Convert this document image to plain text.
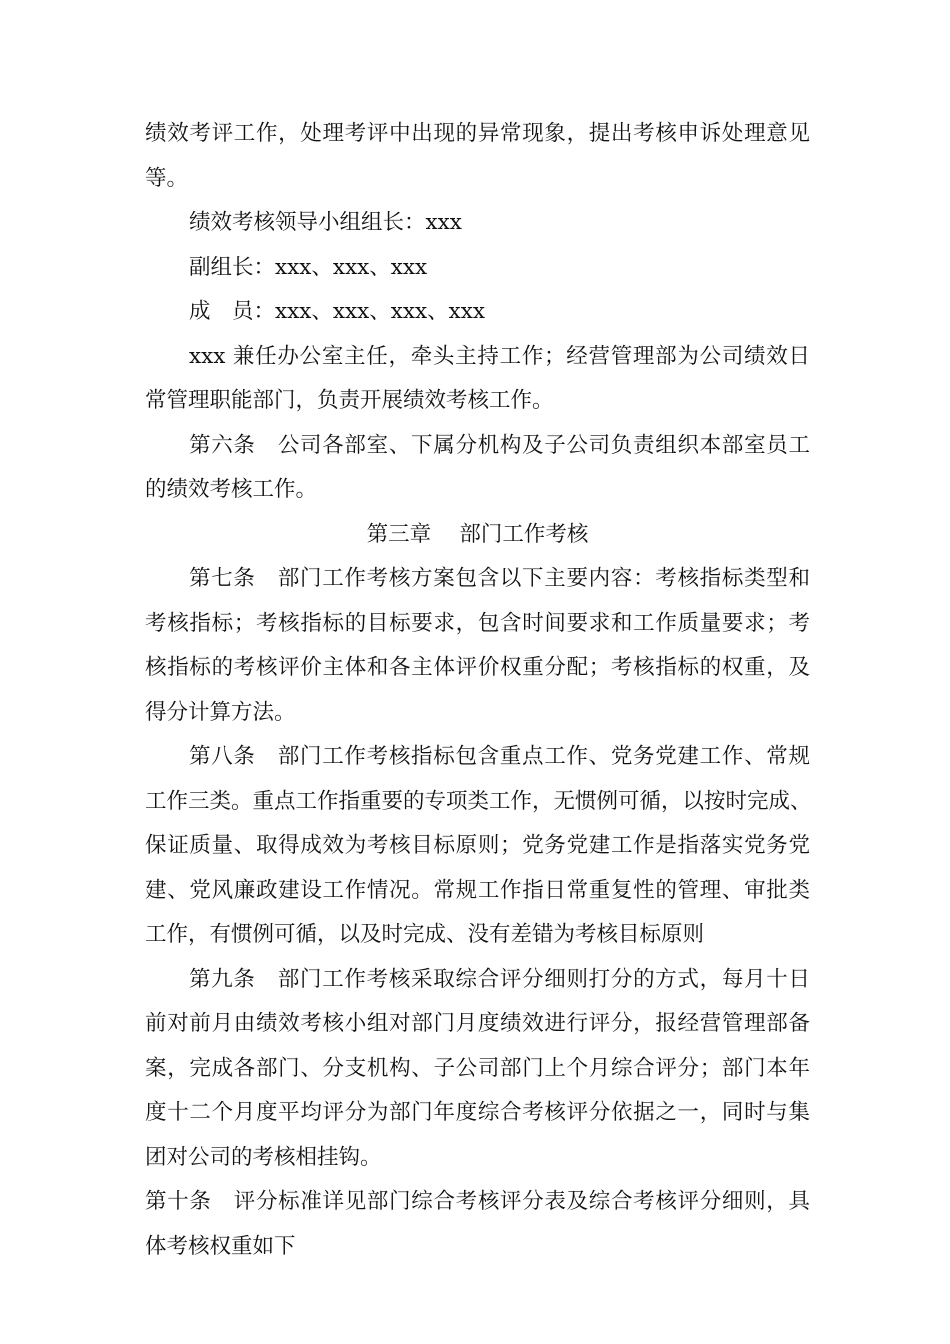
绩效考评工作，处理考评中出现的异常现象，提出考核申诉处理意见
等。
绩效考核领导小组组长：xxx
副组长：xxx、xxx、xxx
成　员：xxx、xxx、xxx、xxx
xxx 兼任办公室主任，牵头主持工作；经营管理部为公司绩效日
常管理职能部门，负责开展绩效考核工作。
第六条　公司各部室、下属分机构及子公司负责组织本部室员工
的绩效考核工作。
第三章　 部门工作考核
第七条　部门工作考核方案包含以下主要内容：考核指标类型和
考核指标；考核指标的目标要求，包含时间要求和工作质量要求；考
核指标的考核评价主体和各主体评价权重分配；考核指标的权重，及
得分计算方法。
第八条　部门工作考核指标包含重点工作、党务党建工作、常规
工作三类。重点工作指重要的专项类工作，无惯例可循，以按时完成、
保证质量、取得成效为考核目标原则；党务党建工作是指落实党务党
建、党风廉政建设工作情况。常规工作指日常重复性的管理、审批类
工作，有惯例可循，以及时完成、没有差错为考核目标原则
第九条　部门工作考核采取综合评分细则打分的方式，每月十日
前对前月由绩效考核小组对部门月度绩效进行评分，报经营管理部备
案，完成各部门、分支机构、子公司部门上个月综合评分；部门本年
度十二个月度平均评分为部门年度综合考核评分依据之一，同时与集
团对公司的考核相挂钩。
第十条　评分标准详见部门综合考核评分表及综合考核评分细则，具
体考核权重如下
